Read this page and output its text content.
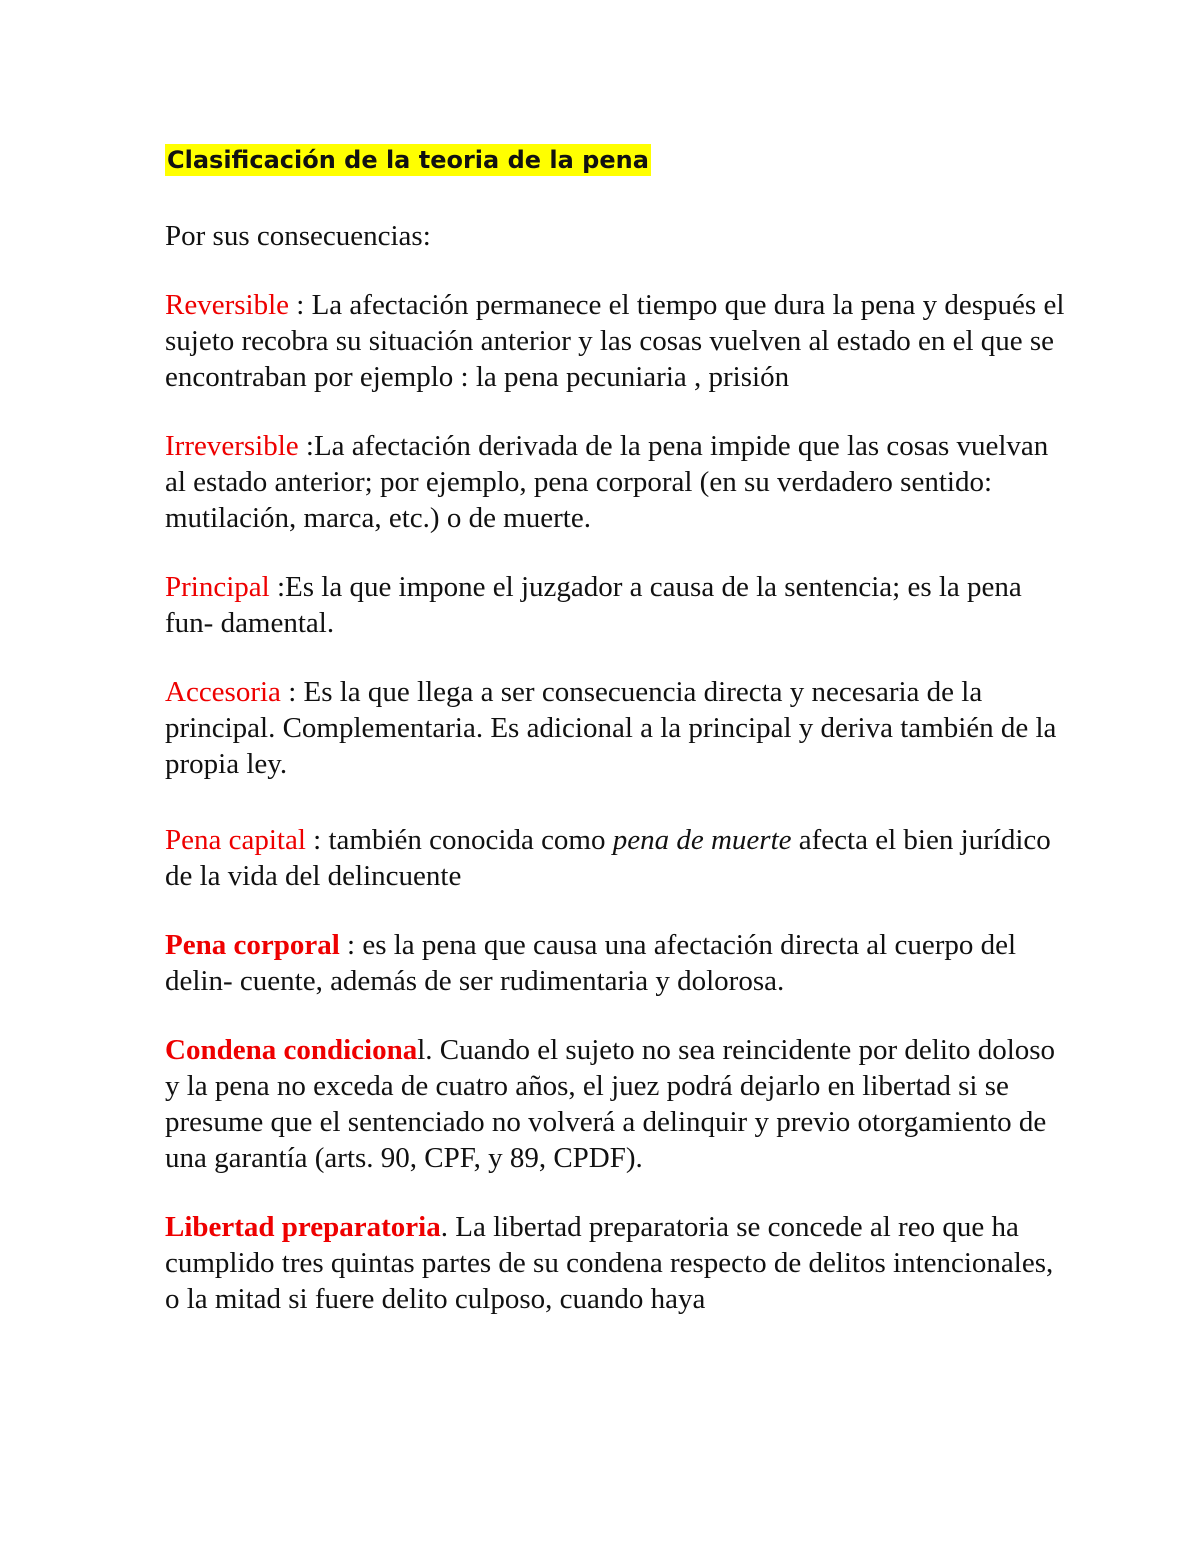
Clasificación de la teoria de la pena

Por sus consecuencias:

Reversible : La afectación permanece el tiempo que dura la pena y después el sujeto recobra su situación anterior y las cosas vuelven al estado en el que se encontraban por ejemplo : la pena pecuniaria , prisión

Irreversible :La afectación derivada de la pena impide que las cosas vuelvan al estado anterior; por ejemplo, pena corporal (en su verdadero sentido: mutilación, marca, etc.) o de muerte.

Principal :Es la que impone el juzgador a causa de la sentencia; es la pena fun- damental.

Accesoria : Es la que llega a ser consecuencia directa y necesaria de la principal. Complementaria. Es adicional a la principal y deriva también de la propia ley.

Pena capital : también conocida como pena de muerte afecta el bien jurídico de la vida del delincuente

Pena corporal : es la pena que causa una afectación directa al cuerpo del delin- cuente, además de ser rudimentaria y dolorosa.

Condena condicional. Cuando el sujeto no sea reincidente por delito doloso y la pena no exceda de cuatro años, el juez podrá dejarlo en libertad si se presume que el sentenciado no volverá a delinquir y previo otorgamiento de una garantía (arts. 90, CPF, y 89, CPDF).

Libertad preparatoria. La libertad preparatoria se concede al reo que ha cumplido tres quintas partes de su condena respecto de delitos intencionales, o la mitad si fuere delito culposo, cuando haya
